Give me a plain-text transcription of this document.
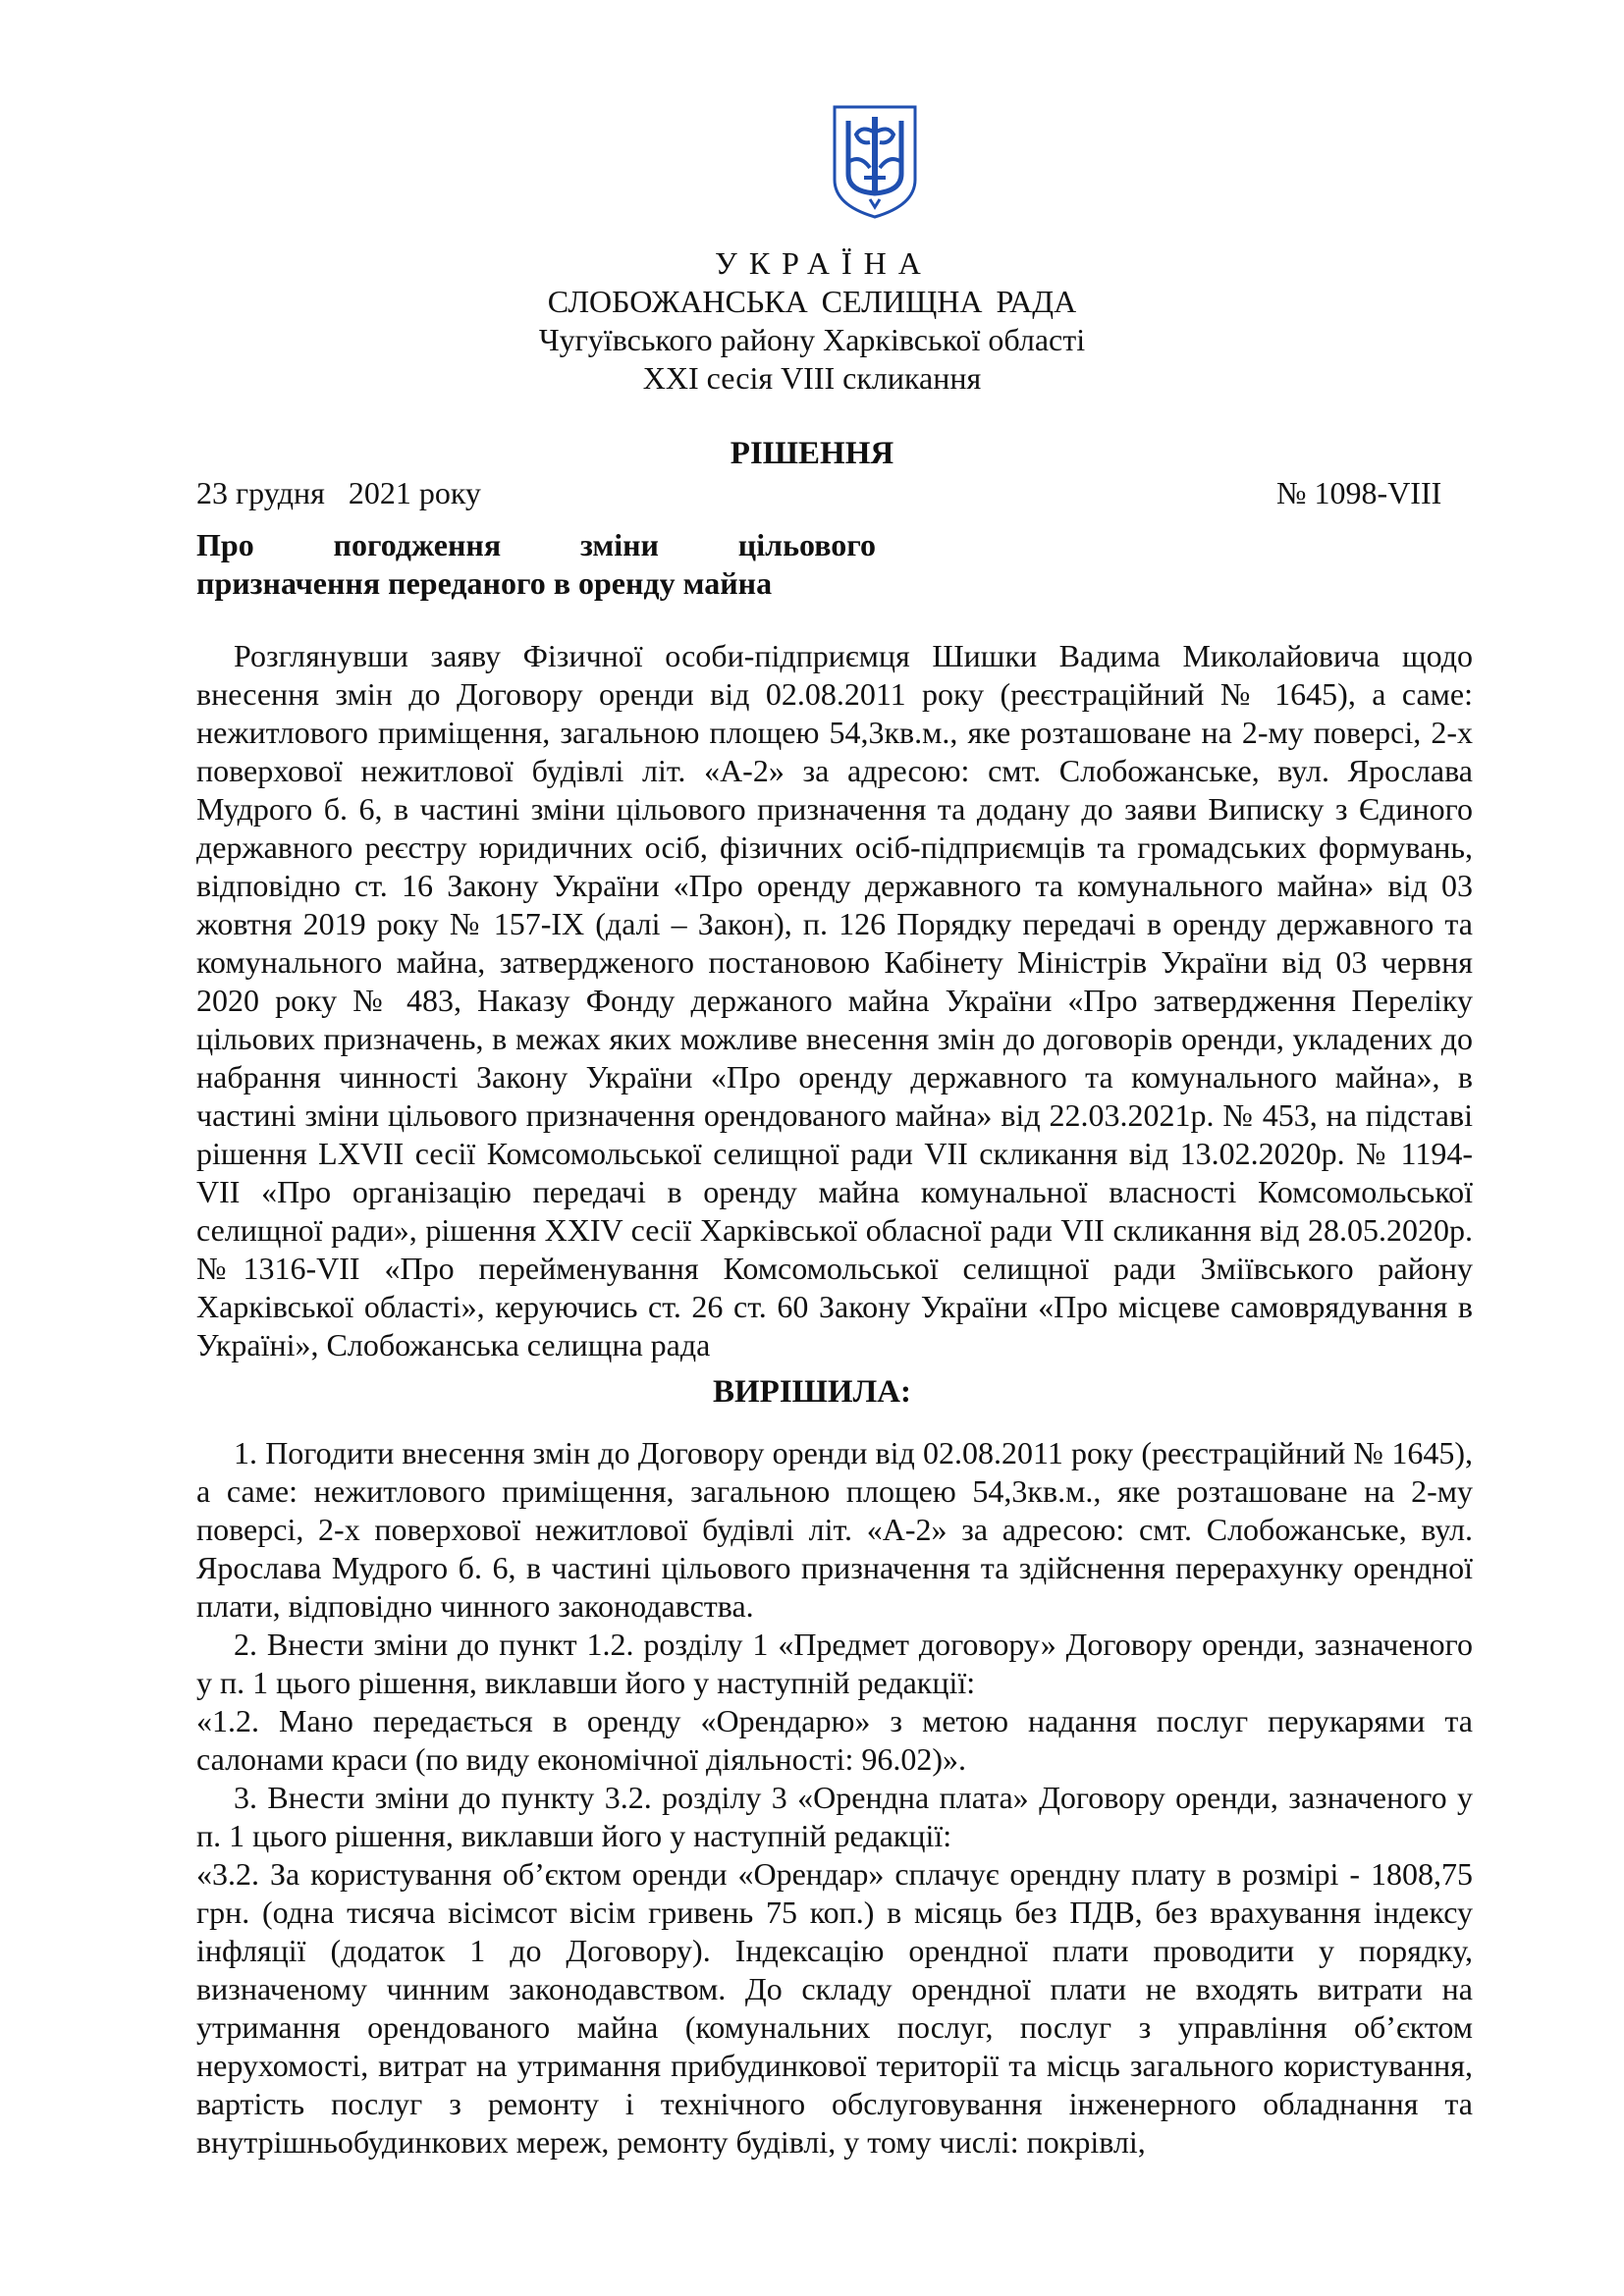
УКРАЇНА
СЛОБОЖАНСЬКА СЕЛИЩНА РАДА
Чугуївського району Харківської області
XXI сесія VIII скликання
РІШЕННЯ
23 грудня   2021 року	№ 1098-VIII
Про погодження зміни цільового
призначення переданого в оренду майна

Розглянувши заяву Фізичної особи-підприємця Шишки Вадима Миколайовича щодо внесення змін до Договору оренди від 02.08.2011 року (реєстраційний № 1645), а саме: нежитлового приміщення, загальною площею 54,3кв.м., яке розташоване на 2-му поверсі, 2-х поверхової нежитлової будівлі літ. «А-2» за адресою: смт. Слобожанське, вул. Ярослава Мудрого б. 6, в частині зміни цільового призначення та додану до заяви Виписку з Єдиного державного реєстру юридичних осіб, фізичних осіб-підприємців та громадських формувань, відповідно ст. 16 Закону України «Про оренду державного та комунального майна» від 03 жовтня 2019 року № 157-IX (далі – Закон), п. 126 Порядку передачі в оренду державного та комунального майна, затвердженого постановою Кабінету Міністрів України від 03 червня 2020 року № 483, Наказу Фонду держаного майна України «Про затвердження Переліку цільових призначень, в межах яких можливе внесення змін до договорів оренди, укладених до набрання чинності Закону України «Про оренду державного та комунального майна», в частині зміни цільового призначення орендованого майна» від 22.03.2021р. № 453, на підставі рішення LXVII сесії Комсомольської селищної ради VII скликання від 13.02.2020р. № 1194-VII «Про організацію передачі в оренду майна комунальної власності Комсомольської селищної ради», рішення XXIV сесії Харківської обласної ради VII скликання від 28.05.2020р. №1316-VII «Про перейменування Комсомольської селищної ради Зміївського району Харківської області», керуючись ст. 26 ст. 60 Закону України «Про місцеве самоврядування в Україні», Слобожанська селищна рада

ВИРІШИЛА:

1. Погодити внесення змін до Договору оренди від 02.08.2011 року (реєстраційний № 1645), а саме: нежитлового приміщення, загальною площею 54,3кв.м., яке розташоване на 2-му поверсі, 2-х поверхової нежитлової будівлі літ. «А-2» за адресою: смт. Слобожанське, вул. Ярослава Мудрого б. 6, в частині цільового призначення та здійснення перерахунку орендної плати, відповідно чинного законодавства.

2. Внести зміни до пункт 1.2. розділу 1 «Предмет договору» Договору оренди, зазначеного у п. 1 цього рішення, виклавши його у наступній редакції:

«1.2. Мано передається в оренду «Орендарю» з метою надання послуг перукарями та салонами краси (по виду економічної діяльності: 96.02)».

3. Внести зміни до пункту 3.2. розділу 3 «Орендна плата» Договору оренди, зазначеного у п. 1 цього рішення, виклавши його у наступній редакції:

«3.2. За користування об’єктом оренди «Орендар» сплачує орендну плату в розмірі - 1808,75 грн. (одна тисяча вісімсот вісім гривень 75 коп.) в місяць без ПДВ, без врахування індексу інфляції (додаток 1 до Договору). Індексацію орендної плати проводити у порядку, визначеному чинним законодавством. До складу орендної плати не входять витрати на утримання орендованого майна (комунальних послуг, послуг з управління об’єктом нерухомості, витрат на утримання прибудинкової території та місць загального користування, вартість послуг з ремонту і технічного обслуговування інженерного обладнання та внутрішньобудинкових мереж, ремонту будівлі, у тому числі: покрівлі,
